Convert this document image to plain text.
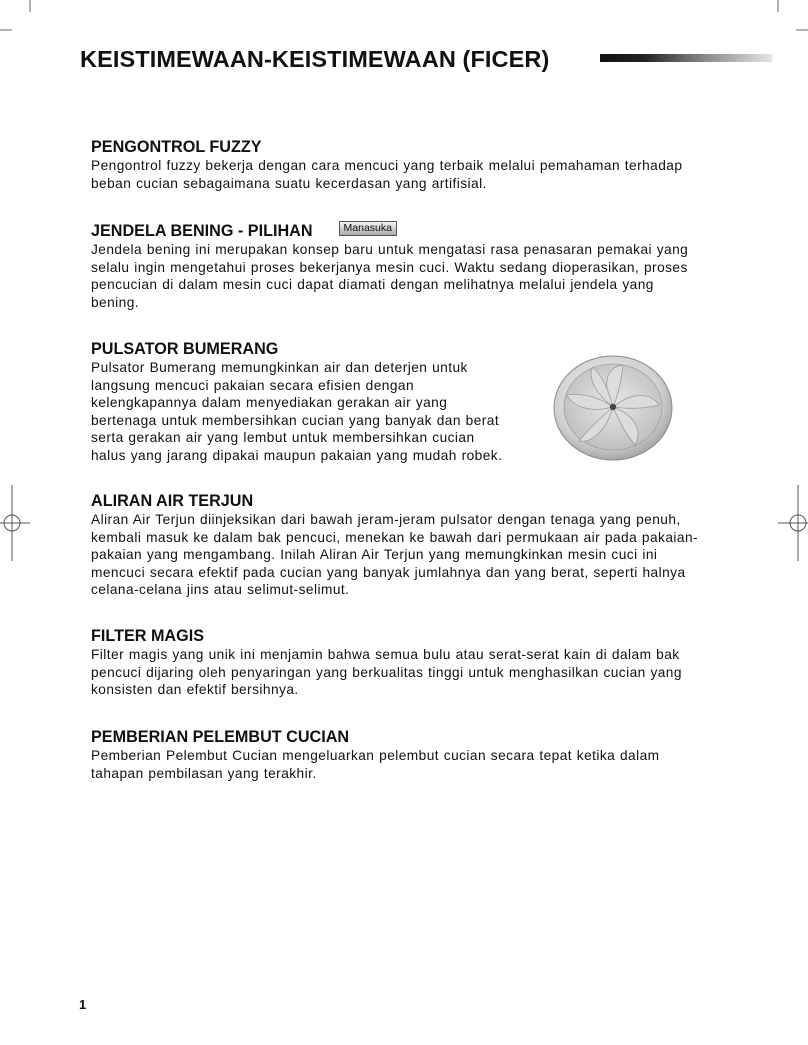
KEISTIMEWAAN-KEISTIMEWAAN (FICER)
PENGONTROL FUZZY

Pengontrol fuzzy bekerja dengan cara mencuci yang terbaik melalui pemahaman terhadap
beban cucian sebagaimana suatu kecerdasan yang artifisial.

JENDELA BENING - PILIHAN	Manasuka

Jendela bening ini merupakan konsep baru untuk mengatasi rasa penasaran pemakai yang
selalu ingin mengetahui proses bekerjanya mesin cuci. Waktu sedang dioperasikan, proses
pencucian di dalam mesin cuci dapat diamati dengan melihatnya melalui jendela yang
bening.

PULSATOR BUMERANG

Pulsator Bumerang memungkinkan air dan deterjen untuk
langsung mencuci pakaian secara efisien dengan
kelengkapannya dalam menyediakan gerakan air yang
bertenaga untuk membersihkan cucian yang banyak dan berat
serta gerakan air yang lembut untuk membersihkan cucian
halus yang jarang dipakai maupun pakaian yang mudah robek.

ALIRAN AIR TERJUN

Aliran Air Terjun diinjeksikan dari bawah jeram-jeram pulsator dengan tenaga yang penuh,
kembali masuk ke dalam bak pencuci, menekan ke bawah dari permukaan air pada pakaian-
pakaian yang mengambang. Inilah Aliran Air Terjun yang memungkinkan mesin cuci ini
mencuci secara efektif pada cucian yang banyak jumlahnya dan yang berat, seperti halnya
celana-celana jins atau selimut-selimut.

FILTER MAGIS

Filter magis yang unik ini menjamin bahwa semua bulu atau serat-serat kain di dalam bak
pencuci dijaring oleh penyaringan yang berkualitas tinggi untuk menghasilkan cucian yang
konsisten dan efektif bersihnya.

PEMBERIAN PELEMBUT CUCIAN

Pemberian Pelembut Cucian mengeluarkan pelembut cucian secara tepat ketika dalam
tahapan pembilasan yang terakhir.

1
